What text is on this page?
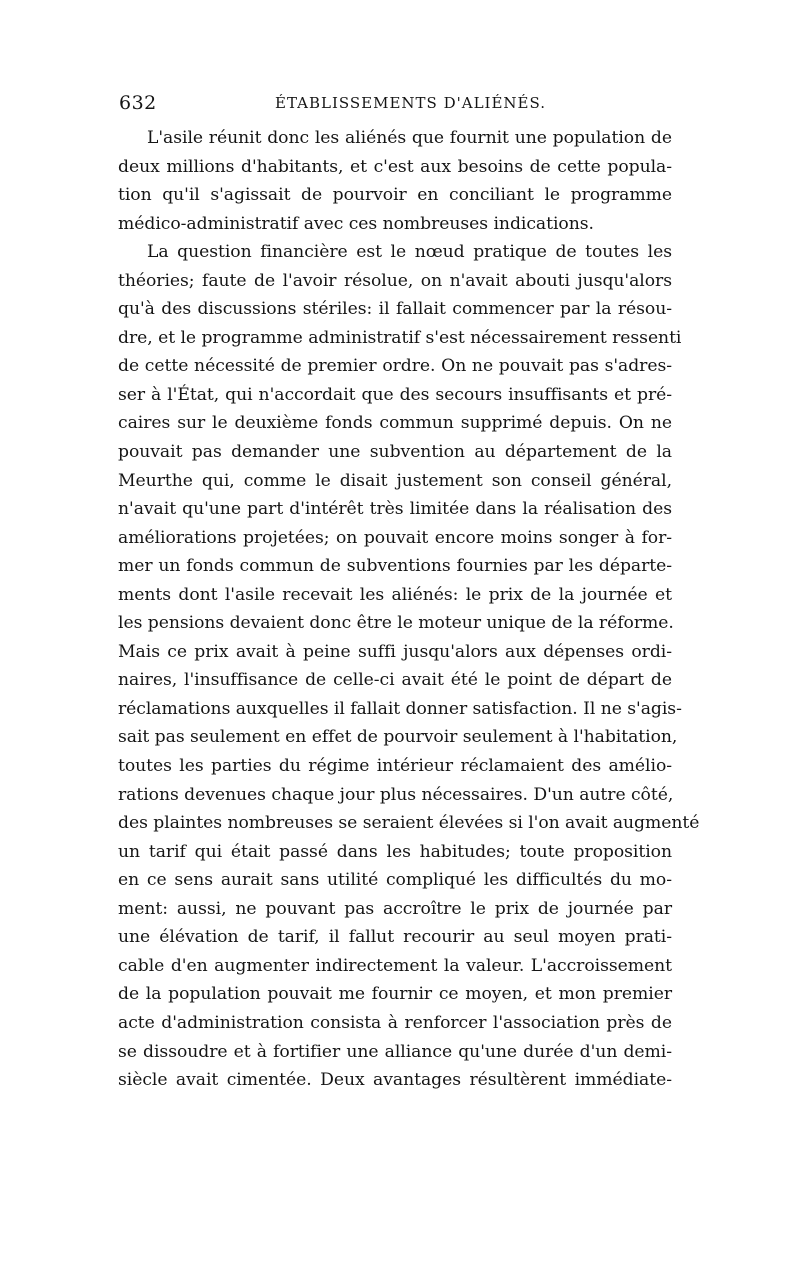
632	ÉTABLISSEMENTS D'ALIÉNÉS.
L'asile réunit donc les aliénés que fournit une population de
deux millions d'habitants, et c'est aux besoins de cette popula-
tion qu'il s'agissait de pourvoir en conciliant le programme
médico-administratif avec ces nombreuses indications.
La question financière est le nœud pratique de toutes les
théories; faute de l'avoir résolue, on n'avait abouti jusqu'alors
qu'à des discussions stériles: il fallait commencer par la résou-
dre, et le programme administratif s'est nécessairement ressenti
de cette nécessité de premier ordre. On ne pouvait pas s'adres-
ser à l'État, qui n'accordait que des secours insuffisants et pré-
caires sur le deuxième fonds commun supprimé depuis. On ne
pouvait pas demander une subvention au département de la
Meurthe qui, comme le disait justement son conseil général,
n'avait qu'une part d'intérêt très limitée dans la réalisation des
améliorations projetées; on pouvait encore moins songer à for-
mer un fonds commun de subventions fournies par les départe-
ments dont l'asile recevait les aliénés: le prix de la journée et
les pensions devaient donc être le moteur unique de la réforme.
Mais ce prix avait à peine suffi jusqu'alors aux dépenses ordi-
naires, l'insuffisance de celle-ci avait été le point de départ de
réclamations auxquelles il fallait donner satisfaction. Il ne s'agis-
sait pas seulement en effet de pourvoir seulement à l'habitation,
toutes les parties du régime intérieur réclamaient des amélio-
rations devenues chaque jour plus nécessaires. D'un autre côté,
des plaintes nombreuses se seraient élevées si l'on avait augmenté
un tarif qui était passé dans les habitudes; toute proposition
en ce sens aurait sans utilité compliqué les difficultés du mo-
ment: aussi, ne pouvant pas accroître le prix de journée par
une élévation de tarif, il fallut recourir au seul moyen prati-
cable d'en augmenter indirectement la valeur. L'accroissement
de la population pouvait me fournir ce moyen, et mon premier
acte d'administration consista à renforcer l'association près de
se dissoudre et à fortifier une alliance qu'une durée d'un demi-
siècle avait cimentée. Deux avantages résultèrent immédiate-
